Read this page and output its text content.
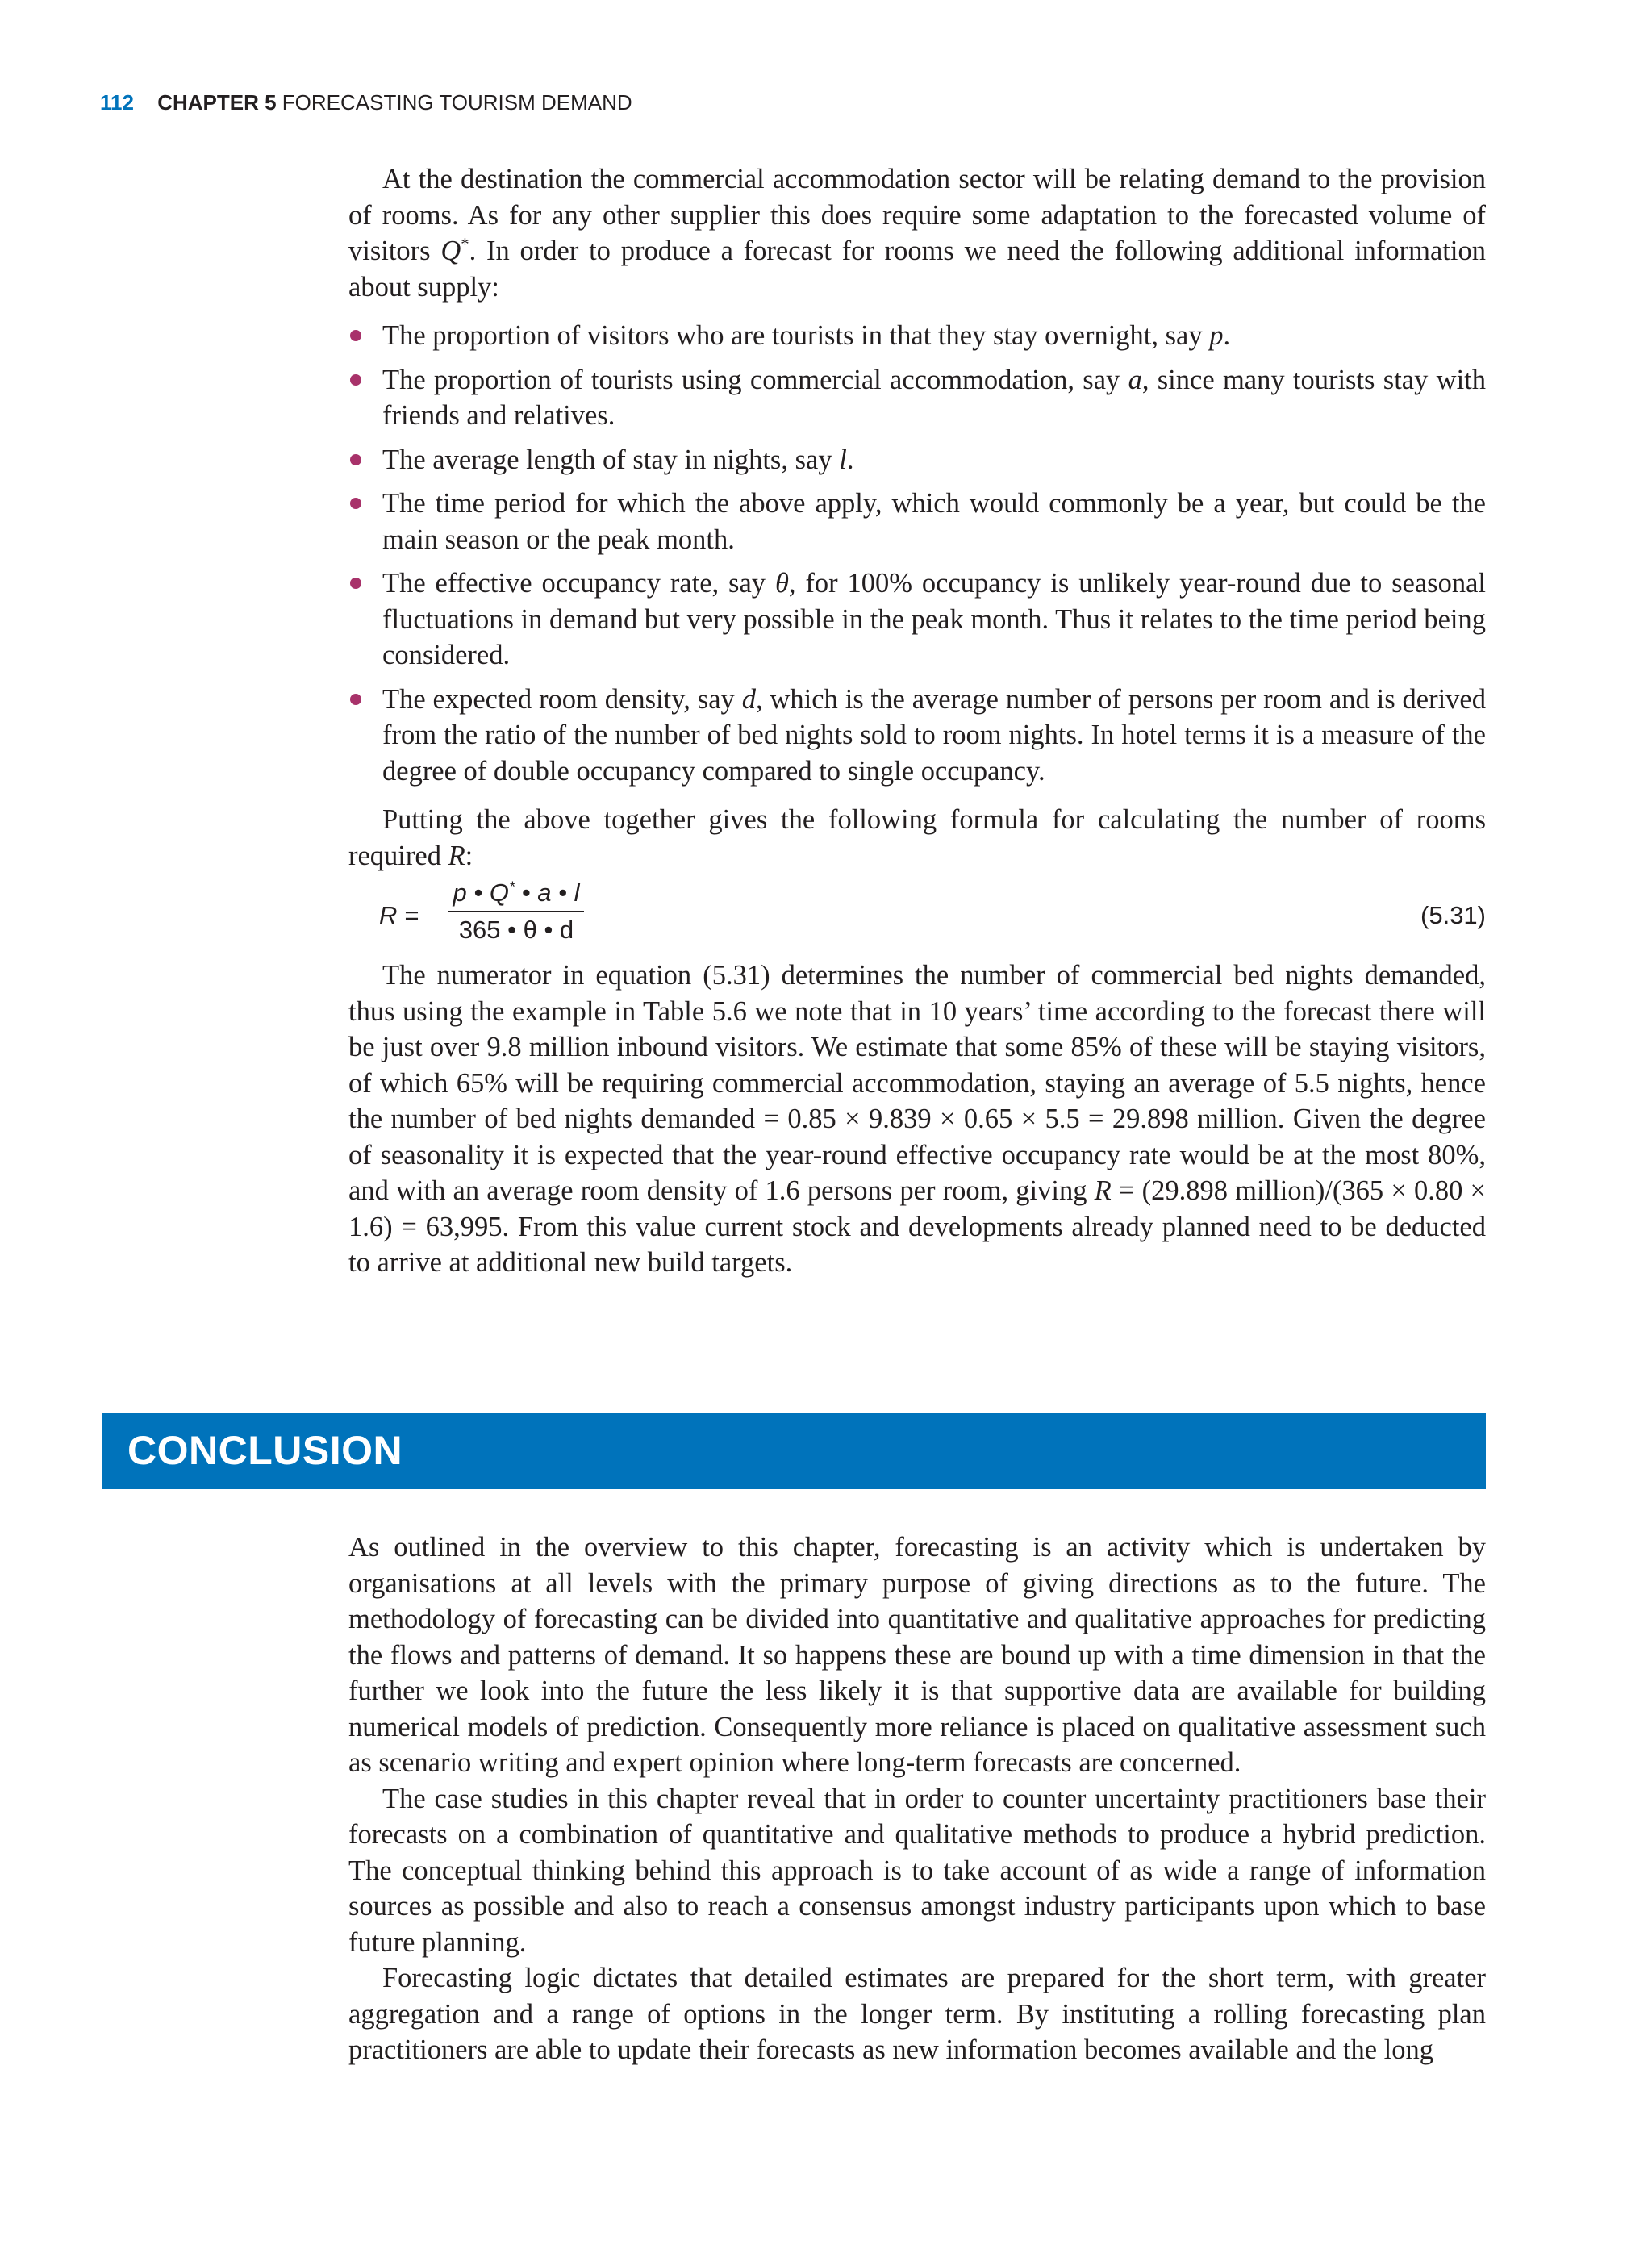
112 CHAPTER 5 FORECASTING TOURISM DEMAND

At the destination the commercial accommodation sector will be relating demand to the provision of rooms. As for any other supplier this does require some adaptation to the forecasted volume of visitors Q*. In order to produce a forecast for rooms we need the following additional information about supply:

The proportion of visitors who are tourists in that they stay overnight, say p.
The proportion of tourists using commercial accommodation, say a, since many tourists stay with friends and relatives.
The average length of stay in nights, say l.
The time period for which the above apply, which would commonly be a year, but could be the main season or the peak month.
The effective occupancy rate, say θ, for 100% occupancy is unlikely year-round due to seasonal fluctuations in demand but very possible in the peak month. Thus it relates to the time period being considered.
The expected room density, say d, which is the average number of persons per room and is derived from the ratio of the number of bed nights sold to room nights. In hotel terms it is a measure of the degree of double occupancy compared to single occupancy.

Putting the above together gives the following formula for calculating the number of rooms required R:

R =
p • Q* • a • l
365 • θ • d
(5.31)

The numerator in equation (5.31) determines the number of commercial bed nights demanded, thus using the example in Table 5.6 we note that in 10 years’ time according to the forecast there will be just over 9.8 million inbound visitors. We estimate that some 85% of these will be staying visitors, of which 65% will be requiring commercial accommodation, staying an average of 5.5 nights, hence the number of bed nights demanded = 0.85 × 9.839 × 0.65 × 5.5 = 29.898 million. Given the degree of seasonality it is expected that the year-round effective occupancy rate would be at the most 80%, and with an average room density of 1.6 persons per room, giving R = (29.898 million)/(365 × 0.80 × 1.6) = 63,995. From this value current stock and developments already planned need to be deducted to arrive at additional new build targets.

CONCLUSION

As outlined in the overview to this chapter, forecasting is an activity which is undertaken by organisations at all levels with the primary purpose of giving directions as to the future. The methodology of forecasting can be divided into quantitative and qualitative approaches for predicting the flows and patterns of demand. It so happens these are bound up with a time dimension in that the further we look into the future the less likely it is that supportive data are available for building numerical models of prediction. Consequently more reliance is placed on qualitative assessment such as scenario writing and expert opinion where long-term forecasts are concerned.

The case studies in this chapter reveal that in order to counter uncertainty practitioners base their forecasts on a combination of quantitative and qualitative methods to produce a hybrid prediction. The conceptual thinking behind this approach is to take account of as wide a range of information sources as possible and also to reach a consensus amongst industry participants upon which to base future planning.

Forecasting logic dictates that detailed estimates are prepared for the short term, with greater aggregation and a range of options in the longer term. By instituting a rolling forecasting plan practitioners are able to update their forecasts as new information becomes available and the long
